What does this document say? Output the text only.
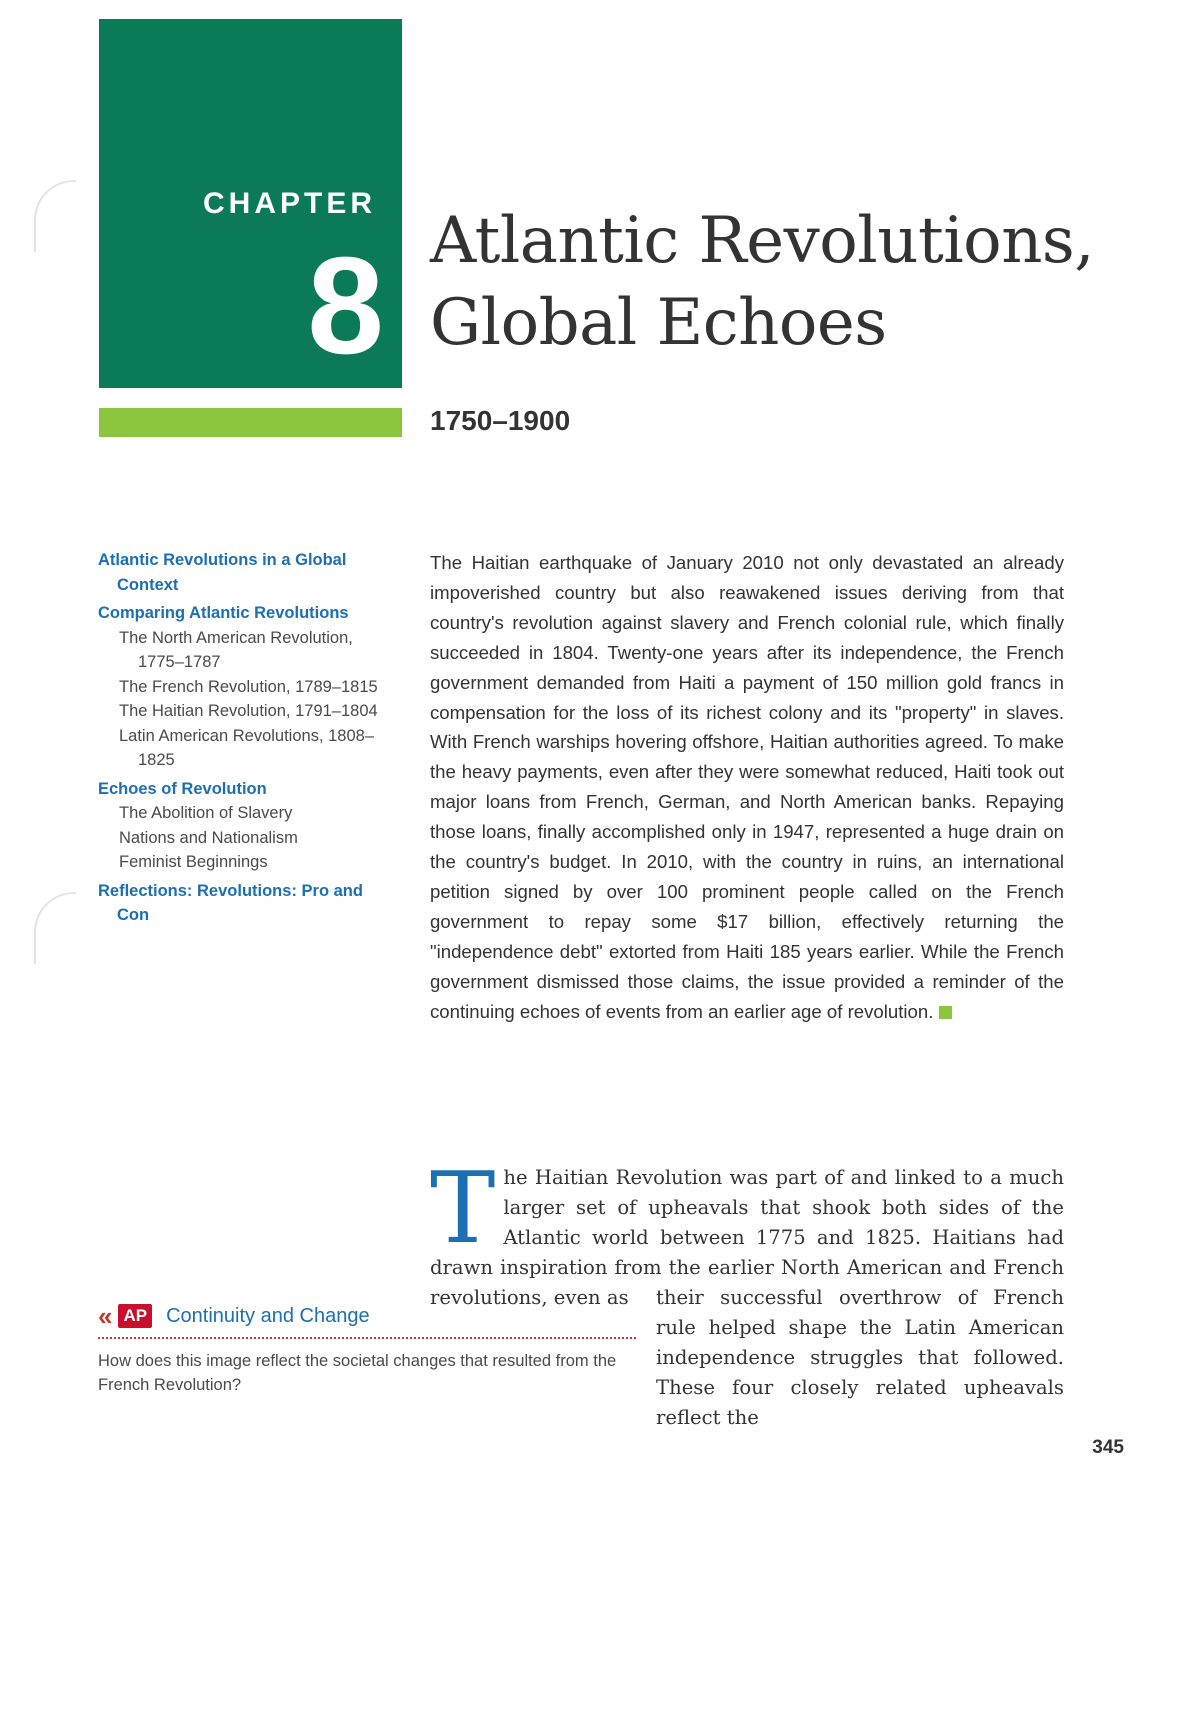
CHAPTER
8 Atlantic Revolutions,
Global Echoes
1750–1900
Atlantic Revolutions in a Global Context
Comparing Atlantic Revolutions
The North American Revolution, 1775–1787
The French Revolution, 1789–1815
The Haitian Revolution, 1791–1804
Latin American Revolutions, 1808–1825
Echoes of Revolution
The Abolition of Slavery
Nations and Nationalism
Feminist Beginnings
Reflections: Revolutions: Pro and Con

The Haitian earthquake of January 2010 not only devastated an already impoverished country but also reawakened issues deriving from that country's revolution against slavery and French colonial rule, which finally succeeded in 1804. Twenty-one years after its independence, the French government demanded from Haiti a payment of 150 million gold francs in compensation for the loss of its richest colony and its "property" in slaves. With French warships hovering offshore, Haitian authorities agreed. To make the heavy payments, even after they were somewhat reduced, Haiti took out major loans from French, German, and North American banks. Repaying those loans, finally accomplished only in 1947, represented a huge drain on the country's budget. In 2010, with the country in ruins, an international petition signed by over 100 prominent people called on the French government to repay some $17 billion, effectively returning the "independence debt" extorted from Haiti 185 years earlier. While the French government dismissed those claims, the issue provided a reminder of the continuing echoes of events from an earlier age of revolution.

The Haitian Revolution was part of and linked to a much larger set of upheavals that shook both sides of the Atlantic world between 1775 and 1825. Haitians had drawn inspiration from the earlier North American and French revolutions, even as	their successful overthrow of French rule helped shape the Latin American independence struggles that followed. These four closely related upheavals reflect the

« AP Continuity and Change

How does this image reflect the societal changes that resulted from the French Revolution?

345
